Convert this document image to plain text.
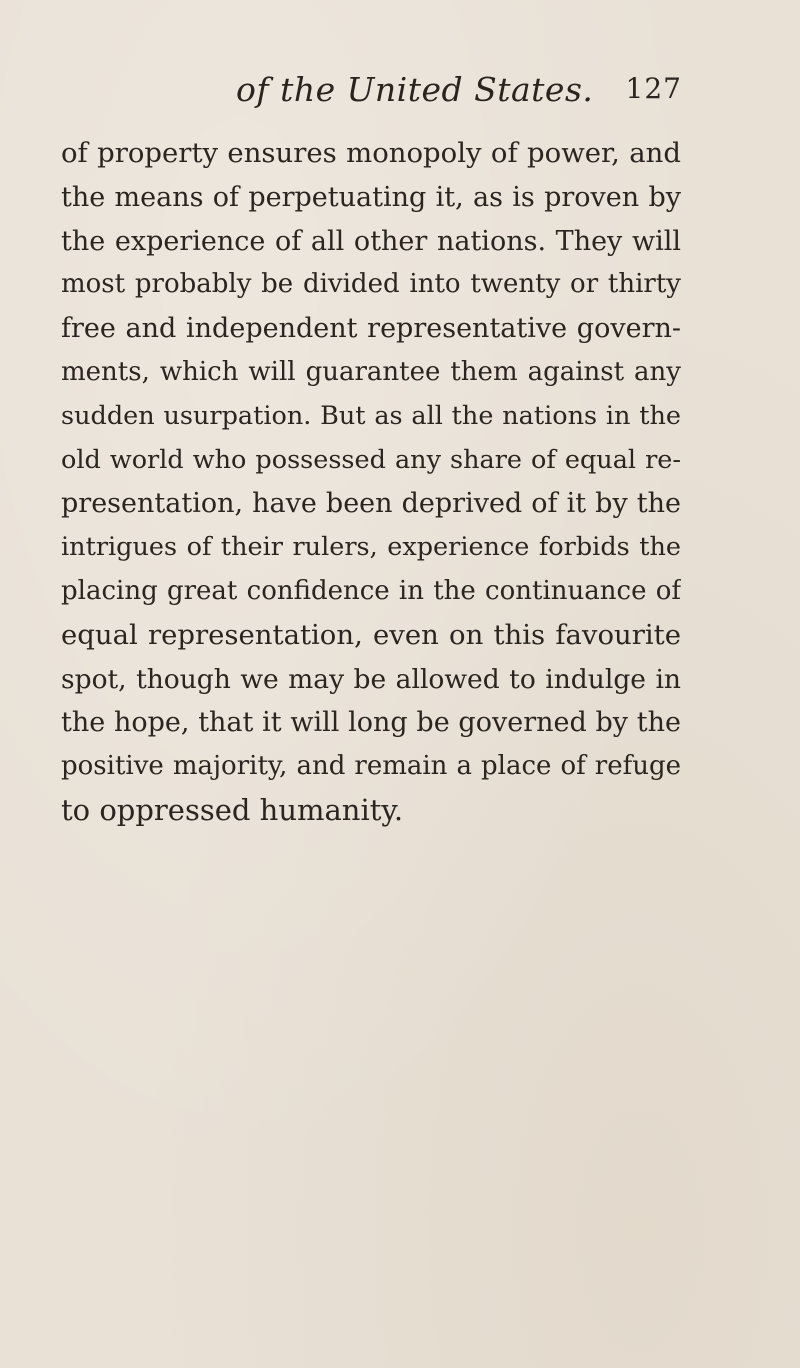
of the United States. 127

of property ensures monopoly of power, and
the means of perpetuating it, as is proven by
the experience of all other nations. They will
most probably be divided into twenty or thirty
free and independent representative govern-
ments, which will guarantee them against any
sudden usurpation. But as all the nations in the
old world who possessed any share of equal re-
presentation, have been deprived of it by the
intrigues of their rulers, experience forbids the
placing great confidence in the continuance of
equal representation, even on this favourite
spot, though we may be allowed to indulge in
the hope, that it will long be governed by the
positive majority, and remain a place of refuge
to oppressed humanity.
